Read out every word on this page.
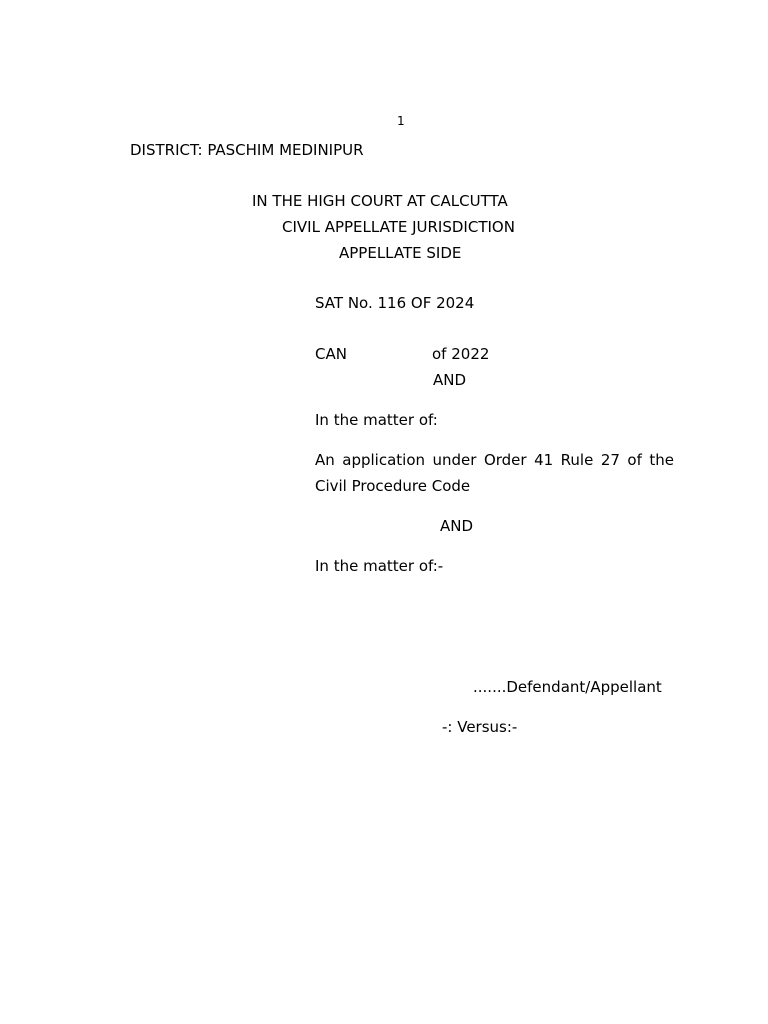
1
DISTRICT: PASCHIM MEDINIPUR
IN THE HIGH COURT AT CALCUTTA
CIVIL APPELLATE JURISDICTION
APPELLATE SIDE
SAT No. 116 OF 2024
CAN	of 2022
AND
In the matter of:
An application under Order 41 Rule 27 of the
Civil Procedure Code
AND
In the matter of:-
.......Defendant/Appellant
-: Versus:-
